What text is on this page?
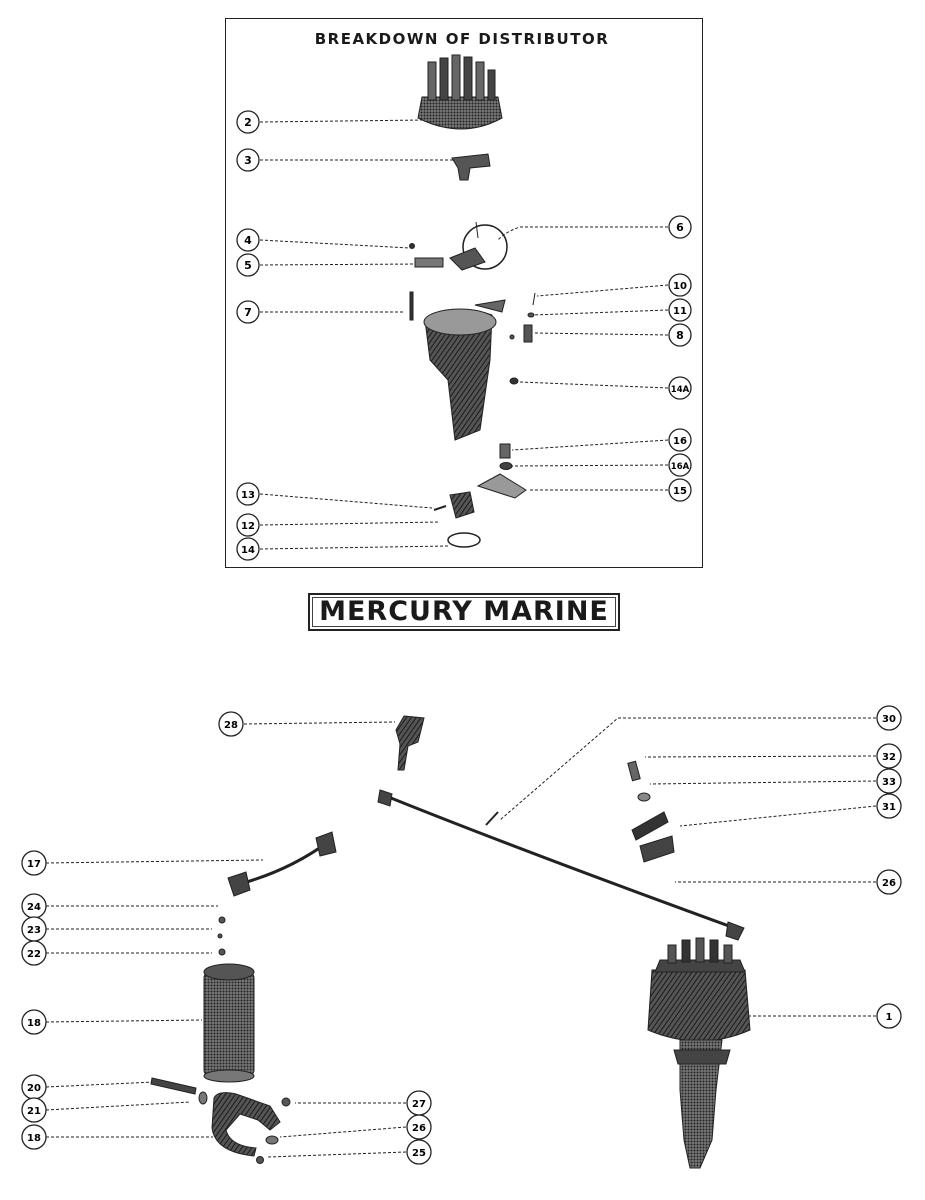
BREAKDOWN OF DISTRIBUTOR
MERCURY MARINE
2
3
4
5
6
7
10
11
8
14A
16
16A
15
13
12
14
28
30
32
33
31
17
26
24
23
22
18
1
20
21
27
18
26
25
